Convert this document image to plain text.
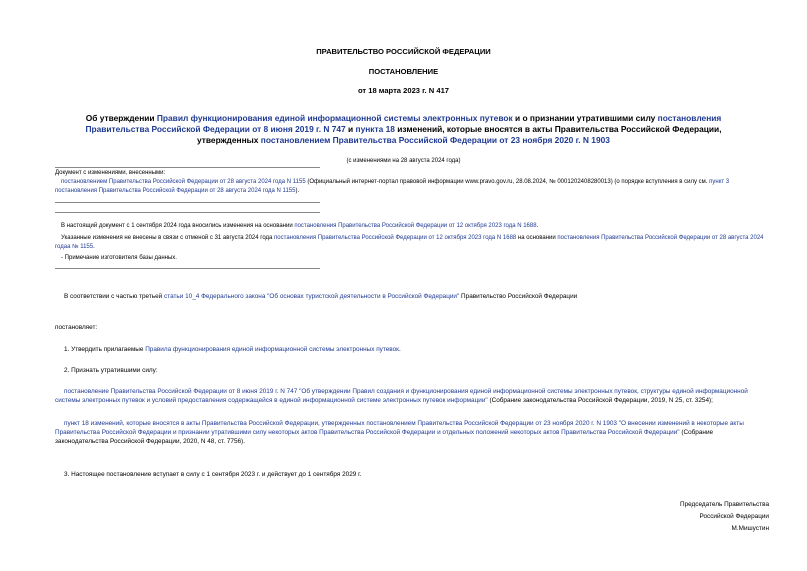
ПРАВИТЕЛЬСТВО РОССИЙСКОЙ ФЕДЕРАЦИИ
ПОСТАНОВЛЕНИЕ
от 18 марта 2023 г. N 417
Об утверждении Правил функционирования единой информационной системы электронных путевок и о признании утратившими силу постановления Правительства Российской Федерации от 8 июня 2019 г. N 747 и пункта 18 изменений, которые вносятся в акты Правительства Российской Федерации, утвержденных постановлением Правительства Российской Федерации от 23 ноября 2020 г. N 1903
(с изменениями на 28 августа 2024 года)
Документ с изменениями, внесенными:
постановлением Правительства Российской Федерации от 28 августа 2024 года N 1155 (Официальный интернет-портал правовой информации www.pravo.gov.ru, 28.08.2024, № 0001202408280013) (о порядке вступления в силу см. пункт 3 постановления Правительства Российской Федерации от 28 августа 2024 года N 1155).
В настоящий документ с 1 сентября 2024 года вносились изменения на основании постановления Правительства Российской Федерации от 12 октября 2023 года N 1688.
Указанные изменения не внесены в связи с отменой с 31 августа 2024 года постановления Правительства Российской Федерации от 12 октября 2023 года N 1688 на основании постановления Правительства Российской Федерации от 28 августа 2024 годаа № 1155.
- Примечание изготовителя базы данных.
В соответствии с частью третьей статьи 10_4 Федерального закона "Об основах туристской деятельности в Российской Федерации" Правительство Российской Федерации
постановляет:
1. Утвердить прилагаемые Правила функционирования единой информационной системы электронных путевок.
2. Признать утратившими силу:
постановление Правительства Российской Федерации от 8 июня 2019 г. N 747 "Об утверждении Правил создания и функционирования единой информационной системы электронных путевок, структуры единой информационной системы электронных путевок и условий предоставления содержащейся в единой информационной системе электронных путевок информации" (Собрание законодательства Российской Федерации, 2019, N 25, ст. 3254);
пункт 18 изменений, которые вносятся в акты Правительства Российской Федерации, утвержденных постановлением Правительства Российской Федерации от 23 ноября 2020 г. N 1903 "О внесении изменений в некоторые акты Правительства Российской Федерации и признании утратившими силу некоторых актов Правительства Российской Федерации и отдельных положений некоторых актов Правительства Российской Федерации" (Собрание законодательства Российской Федерации, 2020, N 48, ст. 7756).
3. Настоящее постановление вступает в силу с 1 сентября 2023 г. и действует до 1 сентября 2029 г.
Председатель Правительства
Российской Федерации
М.Мишустин
